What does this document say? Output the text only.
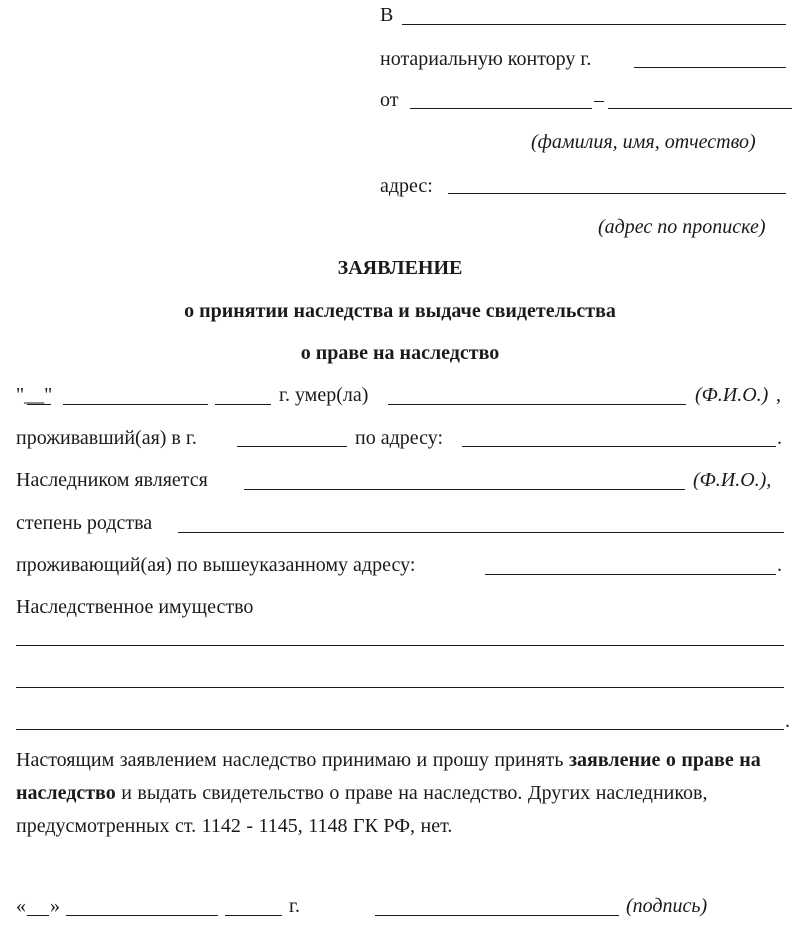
В
нотариальную контору г.
от	–
(фамилия, имя, отчество)
адрес:
(адрес по прописке)
ЗАЯВЛЕНИЕ
о принятии наследства и выдаче свидетельства
о праве на наследство
"__"	г. умер(ла)	(Ф.И.О.) ,
проживавший(ая) в г.	по адресу:	.
Наследником является	(Ф.И.О.),
степень родства
проживающий(ая) по вышеуказанному адресу:	.
Наследственное имущество
.
Настоящим заявлением наследство принимаю и прошу принять заявление о праве на наследство и выдать свидетельство о праве на наследство. Других наследников, предусмотренных ст. 1142 - 1145, 1148 ГК РФ, нет.
« »	г.	(подпись)
